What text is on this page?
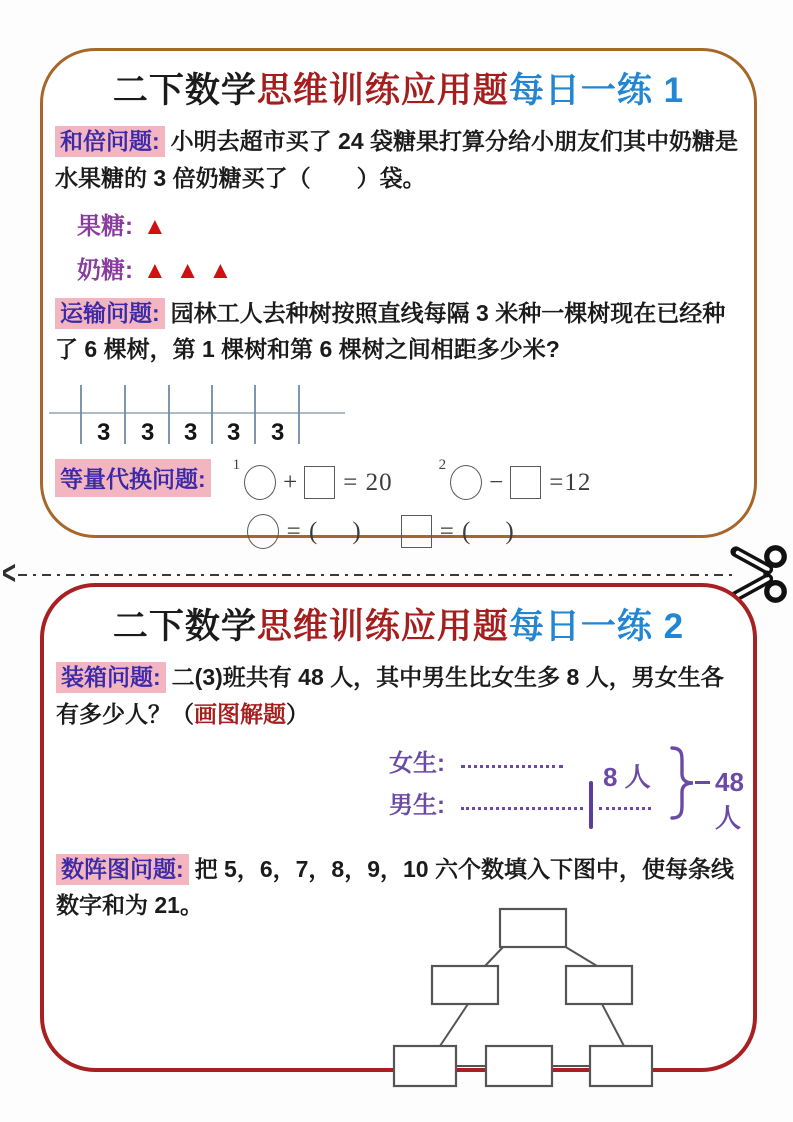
二下数学思维训练应用题每日一练 1

和倍问题: 小明去超市买了 24 袋糖果打算分给小朋友们其中奶糖是水果糖的 3 倍奶糖买了（　　）袋。

果糖: ▲
奶糖: ▲▲▲

运输问题: 园林工人去种树按照直线每隔 3 米种一棵树现在已经种了 6 棵树，第 1 棵树和第 6 棵树之间相距多少米?

3 3 3 3 3
等量代换问题:
1
+ = 20
2
− =12
= ( )	= ( )
<
二下数学思维训练应用题每日一练 2

装箱问题: 二(3)班共有 48 人，其中男生比女生多 8 人，男女生各有多少人？（画图解题）

女生:
男生:
8 人 48 人

数阵图问题: 把 5，6，7，8，9，10 六个数填入下图中，使每条线数字和为 21。
